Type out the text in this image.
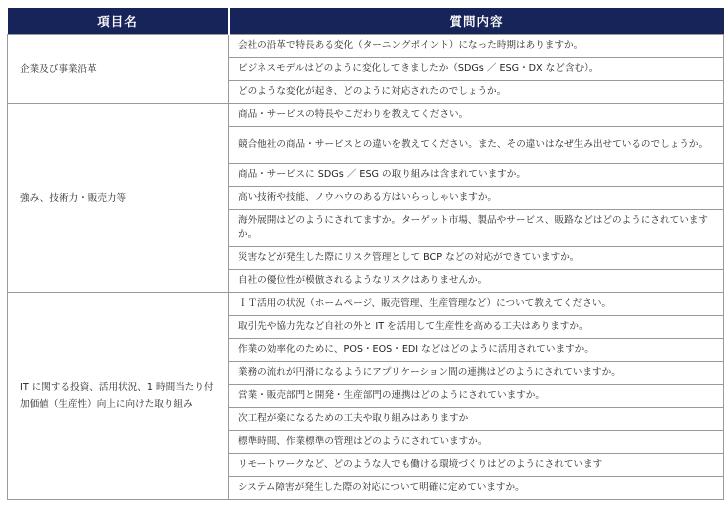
項目名	質問内容
企業及び事業沿革	会社の沿革で特長ある変化（ターニングポイント）になった時期はありますか。
	ビジネスモデルはどのように変化してきましたか（SDGs ／ ESG・DX など含む）。
	どのような変化が起き、どのように対応されたのでしょうか。
強み、技術力・販売力等	商品・サービスの特長やこだわりを教えてください。
	競合他社の商品・サービスとの違いを教えてください。また、その違いはなぜ生み出せているのでしょうか。
	商品・サービスに SDGs ／ ESG の取り組みは含まれていますか。
	高い技術や技能、ノウハウのある方はいらっしゃいますか。
	海外展開はどのようにされてますか。ターゲット市場、製品やサービス、販路などはどのようにされていますか。
	災害などが発生した際にリスク管理として BCP などの対応ができていますか。
	自社の優位性が模倣されるようなリスクはありませんか。
IT に関する投資、活用状況、1 時間当たり付加価値（生産性）向上に向けた取り組み	ＩＴ活用の状況（ホームページ、販売管理、生産管理など）について教えてください。
	取引先や協力先など自社の外と IT を活用して生産性を高める工夫はありますか。
	作業の効率化のために、POS・EOS・EDI などはどのように活用されていますか。
	業務の流れが円滑になるようにアプリケーション間の連携はどのようにされていますか。
	営業・販売部門と開発・生産部門の連携はどのようにされていますか。
	次工程が楽になるための工夫や取り組みはありますか
	標準時間、作業標準の管理はどのようにされていますか。
	リモートワークなど、どのような人でも働ける環境づくりはどのようにされています
	システム障害が発生した際の対応について明確に定めていますか。
